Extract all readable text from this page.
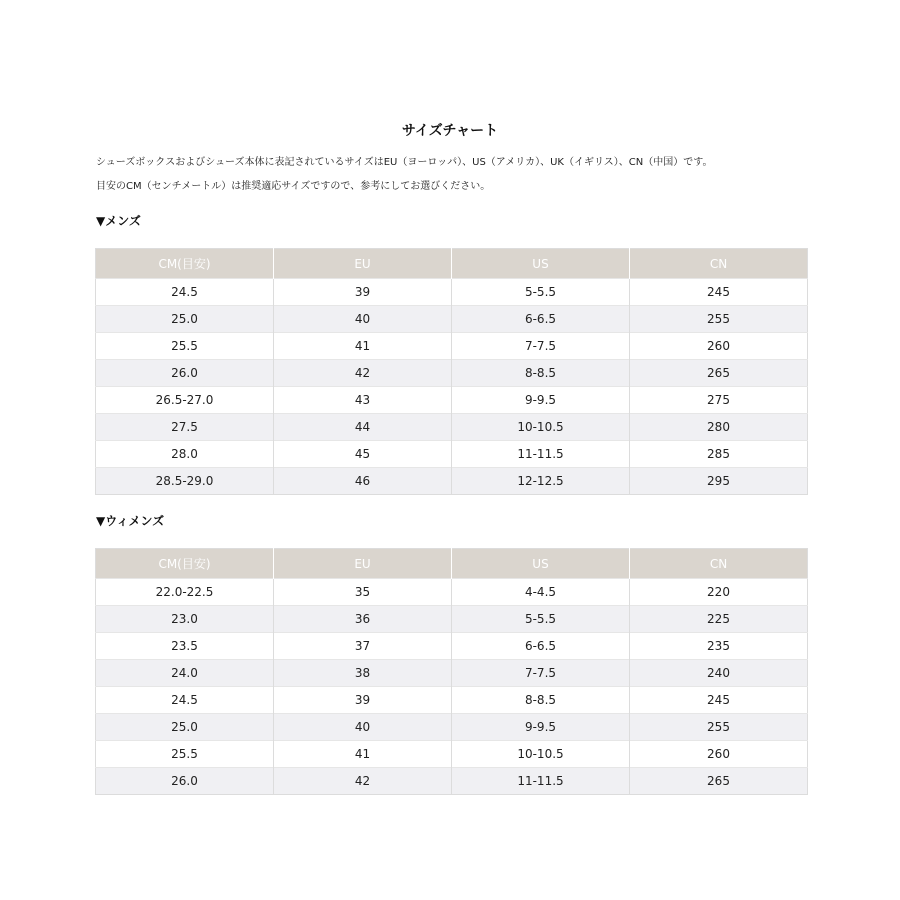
サイズチャート
シューズボックスおよびシューズ本体に表記されているサイズはEU（ヨーロッパ）、US（アメリカ）、UK（イギリス）、CN（中国）です。
目安のCM（センチメートル）は推奨適応サイズですので、参考にしてお選びください。
▼メンズ
CM(目安)	EU	US	CN
24.5	39	5-5.5	245
25.0	40	6-6.5	255
25.5	41	7-7.5	260
26.0	42	8-8.5	265
26.5-27.0	43	9-9.5	275
27.5	44	10-10.5	280
28.0	45	11-11.5	285
28.5-29.0	46	12-12.5	295
▼ウィメンズ
CM(目安)	EU	US	CN
22.0-22.5	35	4-4.5	220
23.0	36	5-5.5	225
23.5	37	6-6.5	235
24.0	38	7-7.5	240
24.5	39	8-8.5	245
25.0	40	9-9.5	255
25.5	41	10-10.5	260
26.0	42	11-11.5	265
